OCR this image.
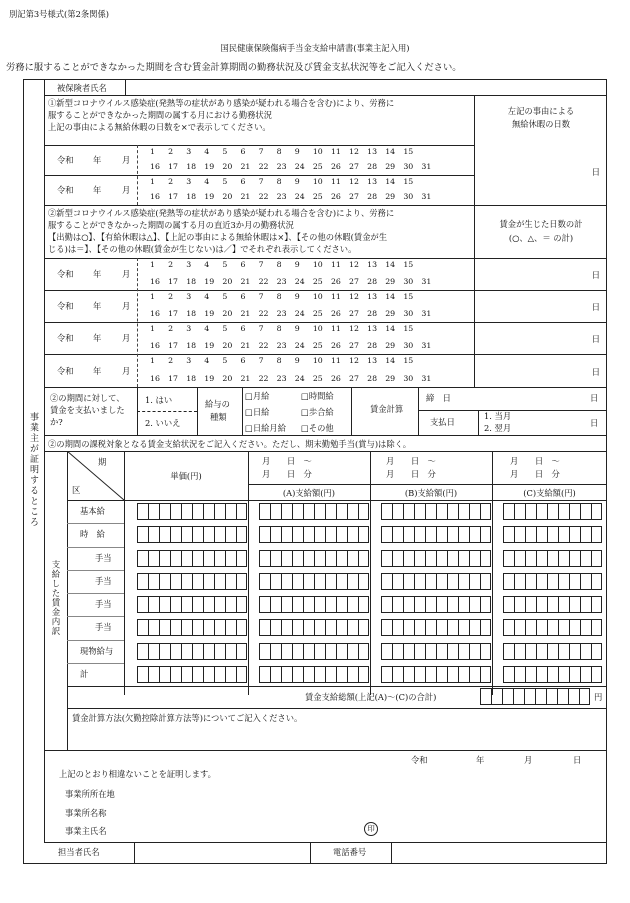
別記第3号様式(第2条関係)
国民健康保険傷病手当金支給申請書(事業主記入用)
労務に服することができなかった期間を含む賃金計算期間の勤務状況及び賃金支払状況等をご記入ください。
事業主が証明するところ
被保険者氏名
①新型コロナウイルス感染症(発熱等の症状があり感染が疑われる場合を含む)により、労務に
服することができなかった期間の属する月における勤務状況
上記の事由による無給休暇の日数を×で表示してください。
左記の事由による
無給休暇の日数
日
②新型コロナウイルス感染症(発熱等の症状があり感染が疑われる場合を含む)により、労務に
服することができなかった期間の属する月の直近3か月の勤務状況
【出勤は○】、【有給休暇は△】、【上記の事由による無給休暇は×】、【その他の休暇(賃金が生
じる)は＝】、【その他の休暇(賃金が生じない)は／】でそれぞれ表示してください。
賃金が生じた日数の計
(○、△、＝ の計)
令和 年 月
1	2	3	4	5	6	7	8	9	10	11	12	13	14	15
16	17	18	19	20	21	22	23	24	25	26	27	28	29	30	31
令和 年 月
1	2	3	4	5	6	7	8	9	10	11	12	13	14	15
16	17	18	19	20	21	22	23	24	25	26	27	28	29	30	31
令和 年 月
1	2	3	4	5	6	7	8	9	10	11	12	13	14	15
16	17	18	19	20	21	22	23	24	25	26	27	28	29	30	31
日
令和 年 月
1	2	3	4	5	6	7	8	9	10	11	12	13	14	15
16	17	18	19	20	21	22	23	24	25	26	27	28	29	30	31
日
令和 年 月
1	2	3	4	5	6	7	8	9	10	11	12	13	14	15
16	17	18	19	20	21	22	23	24	25	26	27	28	29	30	31
日
令和 年 月
1	2	3	4	5	6	7	8	9	10	11	12	13	14	15
16	17	18	19	20	21	22	23	24	25	26	27	28	29	30	31
日
②の期間に対して、
賃金を支払いました
か?
1. はい
2. いいえ
給与の
種類
□月給	□時間給
□日給	□歩合給
□日給月給 □その他
賃金計算
締　日	日
支払日
1. 当月
2. 翌月	日
②の期間の課税対象となる賃金支給状況をご記入ください。ただし、期末勤勉手当(賞与)は除く。
期
区
単価(円)
月　　日　～
月　　日　分
月　　日　～
月　　日　分
月　　日　～
月　　日　分
(A)支給額(円)	(B)支給額(円)	(C)支給額(円)
支給した賃金内訳
基本給
時　給
手当
手当
手当
手当
現物給与
計
賃金支給総額(上記(A)～(C)の合計)	円
賃金計算方法(欠勤控除計算方法等)についてご記入ください。
令和	年	月	日
上記のとおり相違ないことを証明します。
事業所所在地
事業所名称
事業主氏名	印
担当者氏名	電話番号
